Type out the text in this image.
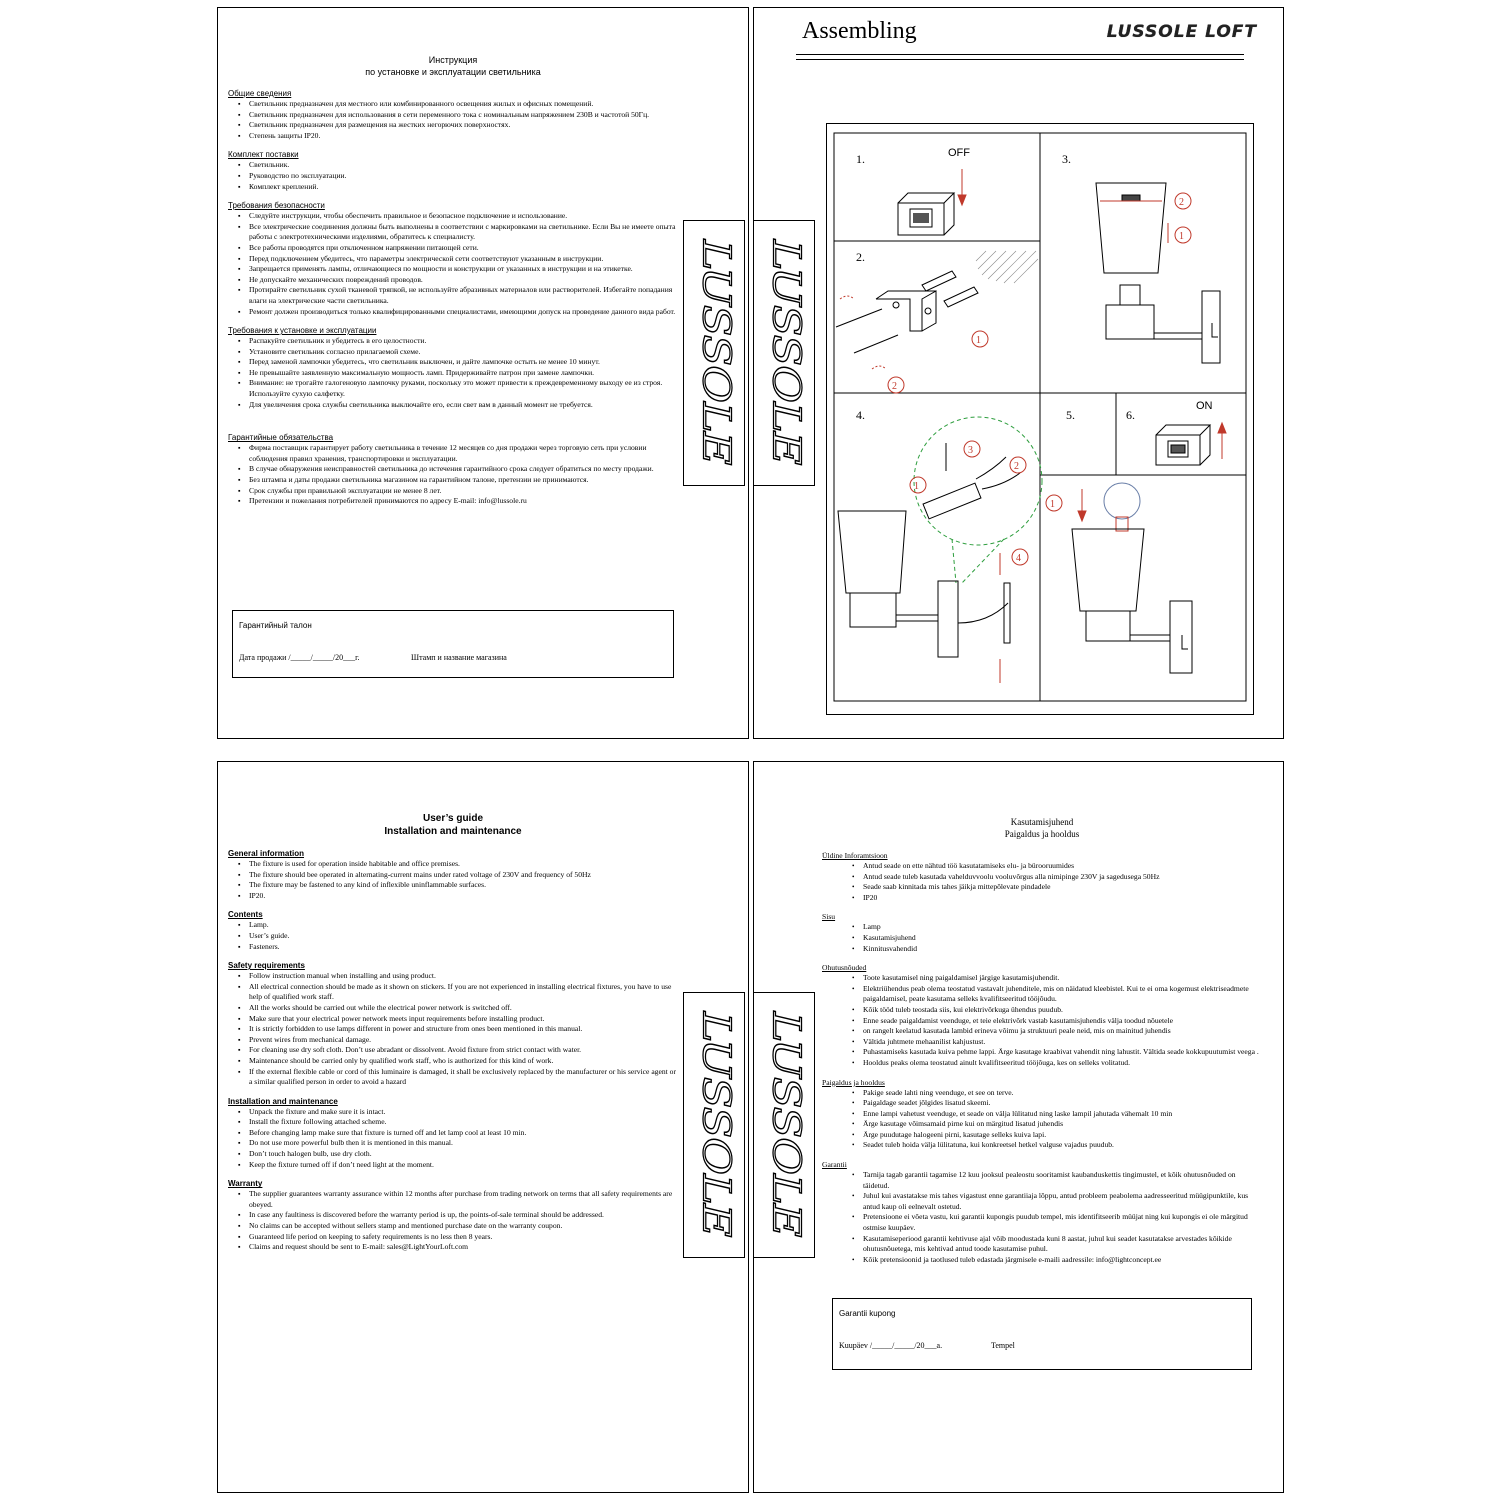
Инструкция
по установке и эксплуатации светильника
Общие сведения
▪ Светильник предназначен для местного или комбинированного освещения жилых и офисных помещений.
▪ Светильник предназначен для использования в сети переменного тока с номинальным напряжением 230В и частотой 50Гц.
▪ Светильник предназначен для размещения на жестких негорючих поверхностях.
▪ Степень защиты IP20.
Комплект поставки
▪ Светильник.
▪ Руководство по эксплуатации.
▪ Комплект креплений.
Требования безопасности
▪ Следуйте инструкции, чтобы обеспечить правильное и безопасное подключение и использование.
▪ Все электрические соединения должны быть выполнены в соответствии с маркировками на светильнике. Если Вы не имеете опыта работы с электротехническими изделиями, обратитесь к специалисту.
▪ Все работы проводятся при отключенном напряжении питающей сети.
▪ Перед подключением убедитесь, что параметры электрической сети соответствуют указанным в инструкции.
▪ Запрещается применять лампы, отличающиеся по мощности и конструкции от указанных в инструкции и на этикетке.
▪ Не допускайте механических повреждений проводов.
▪ Протирайте светильник сухой тканевой тряпкой, не используйте абразивных материалов или растворителей. Избегайте попадания влаги на электрические части светильника.
▪ Ремонт должен производиться только квалифицированными специалистами, имеющими допуск на проведение данного вида работ.
Требования к установке и эксплуатации
▪ Распакуйте светильник и убедитесь в его целостности.
▪ Установите светильник согласно прилагаемой схеме.
▪ Перед заменой лампочки убедитесь, что светильник выключен, и дайте лампочке остыть не менее 10 минут.
▪ Не превышайте заявленную максимальную мощность ламп. Придерживайте патрон при замене лампочки.
▪ Внимание: не трогайте галогеновую лампочку руками, поскольку это может привести к преждевременному выходу ее из строя. Используйте сухую салфетку.
▪ Для увеличения срока службы светильника выключайте его, если свет вам в данный момент не требуется.
Гарантийные обязательства
▪ Фирма поставщик гарантирует работу светильника в течение 12 месяцев со дня продажи через торговую сеть при условии соблюдения правил хранения, транспортировки и эксплуатации.
▪ В случае обнаружения неисправностей светильника до истечения гарантийного срока следует обратиться по месту продажи.
▪ Без штампа и даты продажи светильника магазином на гарантийном талоне, претензии не принимаются.
▪ Срок службы при правильной эксплуатации не менее 8 лет.
▪ Претензии и пожелания потребителей принимаются по адресу E-mail: info@lussole.ru
Гарантийный талон
Дата продажи /_____/_____/20___г.	Штамп и название магазина
Assembling	LUSSOLE LOFT
1.
2.
3.
4.	5.	6.
OFF
1
2
2
1
3
2
1
4
ON
1
User’s guide
Installation and maintenance
General information
▪ The fixture is used for operation inside habitable and office premises.
▪ The fixture should bee operated in alternating-current mains under rated voltage of 230V and frequency of 50Hz
▪ The fixture may be fastened to any kind of inflexible uninflammable surfaces.
▪ IP20.
Contents
▪ Lamp.
▪ User’s guide.
▪ Fasteners.
Safety requirements
▪ Follow instruction manual when installing and using product.
▪ All electrical connection should be made as it shown on stickers. If you are not experienced in installing electrical fixtures, you have to use help of qualified work staff.
▪ All the works should be carried out while the electrical power network is switched off.
▪ Make sure that your electrical power network meets input requirements before installing product.
▪ It is strictly forbidden to use lamps different in power and structure from ones been mentioned in this manual.
▪ Prevent wires from mechanical damage.
▪ For cleaning use dry soft cloth. Don’t use abradant or dissolvent. Avoid fixture from strict contact with water.
▪ Maintenance should be carried only by qualified work staff, who is authorized for this kind of work.
▪ If the external flexible cable or cord of this luminaire is damaged, it shall be exclusively replaced by the manufacturer or his service agent or a similar qualified person in order to avoid a hazard
Installation and maintenance
▪ Unpack the fixture and make sure it is intact.
▪ Install the fixture following attached scheme.
▪ Before changing lamp make sure that fixture is turned off and let lamp cool at least 10 min.
▪ Do not use more powerful bulb then it is mentioned in this manual.
▪ Don’t touch halogen bulb, use dry cloth.
▪ Keep the fixture turned off if don’t need light at the moment.
Warranty
▪ The supplier guarantees warranty assurance within 12 months after purchase from trading network on terms that all safety requirements are obeyed.
▪ In case any faultiness is discovered before the warranty period is up, the points-of-sale terminal should be addressed.
▪ No claims can be accepted without sellers stamp and mentioned purchase date on the warranty coupon.
▪ Guaranteed life period on keeping to safety requirements is no less then 8 years.
▪ Claims and request should be sent to E-mail: sales@LightYourLoft.com
Kasutamisjuhend
Paigaldus ja hooldus
Üldine Inforamtsioon
• Antud seade on ette nähtud töö kasutatamiseks elu- ja bürooruumides
• Antud seade tuleb kasutada vahelduvvoolu vooluvõrgus alla nimipinge 230V ja sagedusega 50Hz
• Seade saab kinnitada mis tahes jäikja mittepõlevate pindadele
• IP20
Sisu
• Lamp
• Kasutamisjuhend
• Kinnitusvahendid
Ohutusnõuded
• Toote kasutamisel ning paigaldamisel järgige kasutamisjuhendit.
• Elektriühendus peab olema teostatud vastavalt juhenditele, mis on näidatud kleebistel. Kui te ei oma kogemust elektriseadmete paigaldamisel, peate kasutama selleks kvalifitseeritud tööjõudu.
• Kõik tööd tuleb teostada siis, kui elektrivõrkuga ühendus puudub.
• Enne seade paigaldamist veenduge, et teie elektrivõrk vastab kasutamisjuhendis välja toodud nõuetele
• on rangelt keelatud kasutada lambid erineva võimu ja struktuuri peale neid, mis on mainitud juhendis
• Vältida juhtmete mehaanilist kahjustust.
• Puhastamiseks kasutada kuiva pehme lappi. Ärge kasutage kraabivat vahendit ning lahustit. Vältida seade kokkupuutumist veega .
• Hooldus peaks olema teostatud ainult kvalifitseeritud tööjõuga, kes on selleks volitatud.
Paigaldus ja hooldus
• Pakige seade lahti ning veenduge, et see on terve.
• Paigaldage seadet jõlgides lisatud skeemi.
• Enne lampi vahetust veenduge, et seade on välja lülitatud ning laske lampil jahutada vähemalt 10 min
• Ärge kasutage võimsamaid pirne kui on märgitud lisatud juhendis
• Ärge puudutage halogeeni pirni, kasutage selleks kuiva lapi.
• Seadet tuleb hoida välja lülitatuna, kui konkreetsel hetkel valguse vajadus puudub.
Garantii
• Tarnija tagab garantii tagamise 12 kuu jooksul pealeostu sooritamist kaubanduskettis tingimustel, et kõik ohutusnõuded on täidetud.
• Juhul kui avastatakse mis tahes vigastust enne garantiiaja lõppu, antud probleem peabolema aadresseeritud müügipunktile, kus antud kaup oli eelnevalt ostetud.
• Pretensioone ei võeta vastu, kui garantii kupongis puudub tempel, mis identifitseerib müüjat ning kui kupongis ei ole märgitud ostmise kuupäev.
• Kasutamiseperiood garantii kehtivuse ajal võib moodustada kuni 8 aastat, juhul kui seadet kasutatakse arvestades kõikide ohutusnõuetega, mis kehtivad antud toode kasutamise puhul.
• Kõik pretensioonid ja taotlused tuleb edastada järgmisele e-maili aadressile: info@lightconcept.ee
Garantii kupong
Kuupäev /_____/_____/20___a.	Tempel
LUSSOLE LUSSOLE
LUSSOLE LUSSOLE
